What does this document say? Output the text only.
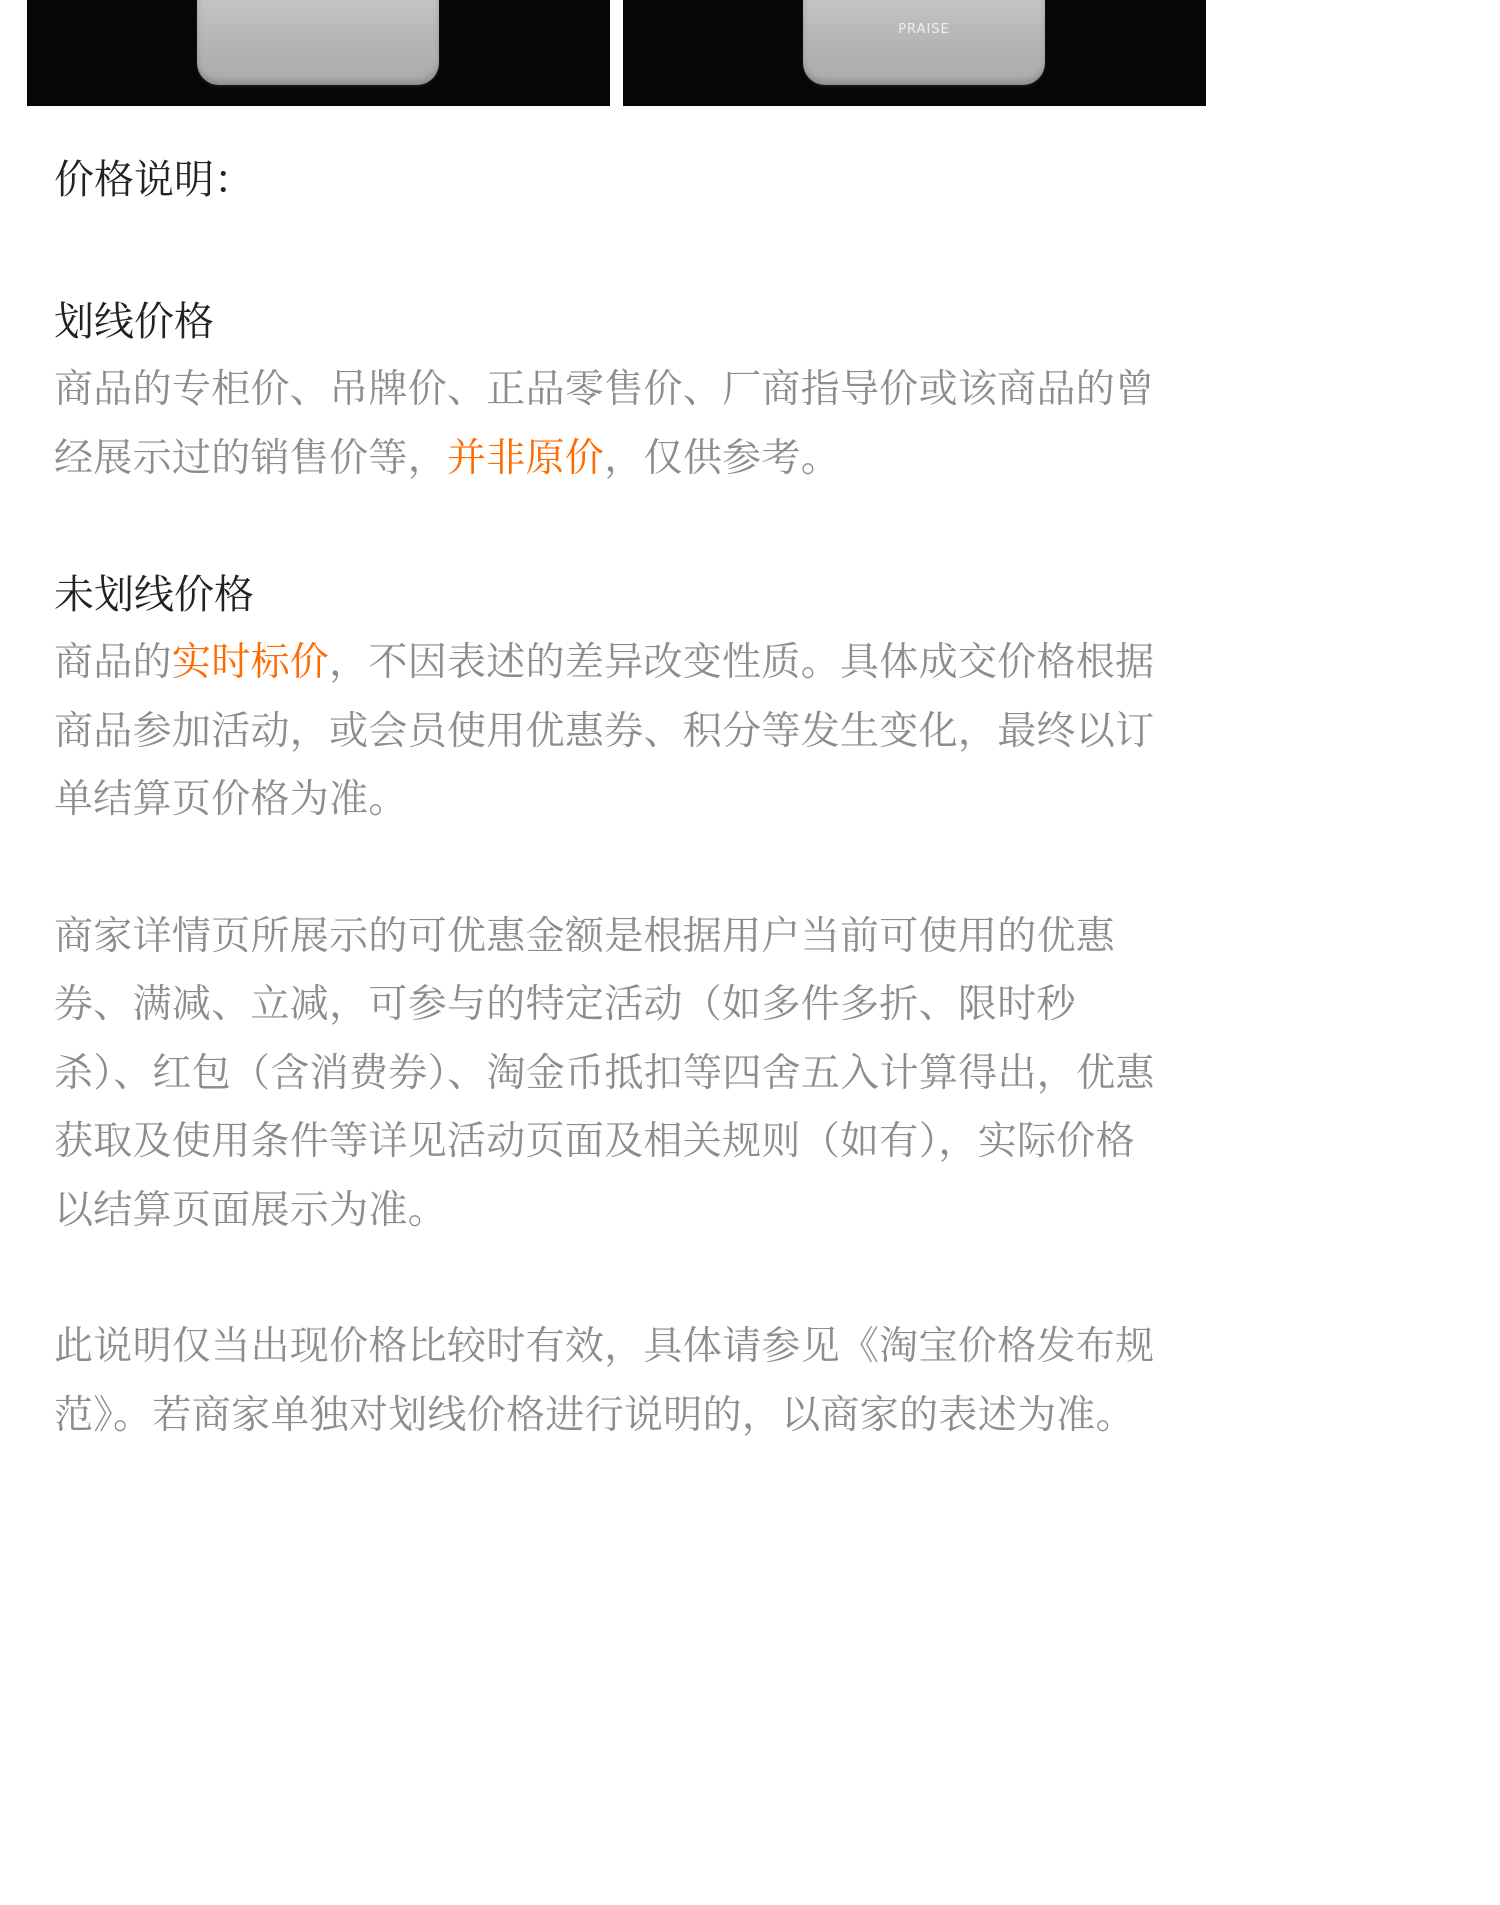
PRAISE
价格说明：
划线价格

商品的专柜价、吊牌价、正品零售价、厂商指导价或该商品的曾经展示过的销售价等，并非原价，仅供参考。

未划线价格

商品的实时标价，不因表述的差异改变性质。具体成交价格根据商品参加活动，或会员使用优惠券、积分等发生变化，最终以订单结算页价格为准。

商家详情页所展示的可优惠金额是根据用户当前可使用的优惠券、满减、立减，可参与的特定活动（如多件多折、限时秒杀）、红包（含消费券）、淘金币抵扣等四舍五入计算得出，优惠获取及使用条件等详见活动页面及相关规则（如有），实际价格以结算页面展示为准。

此说明仅当出现价格比较时有效，具体请参见《淘宝价格发布规范》。若商家单独对划线价格进行说明的，以商家的表述为准。
